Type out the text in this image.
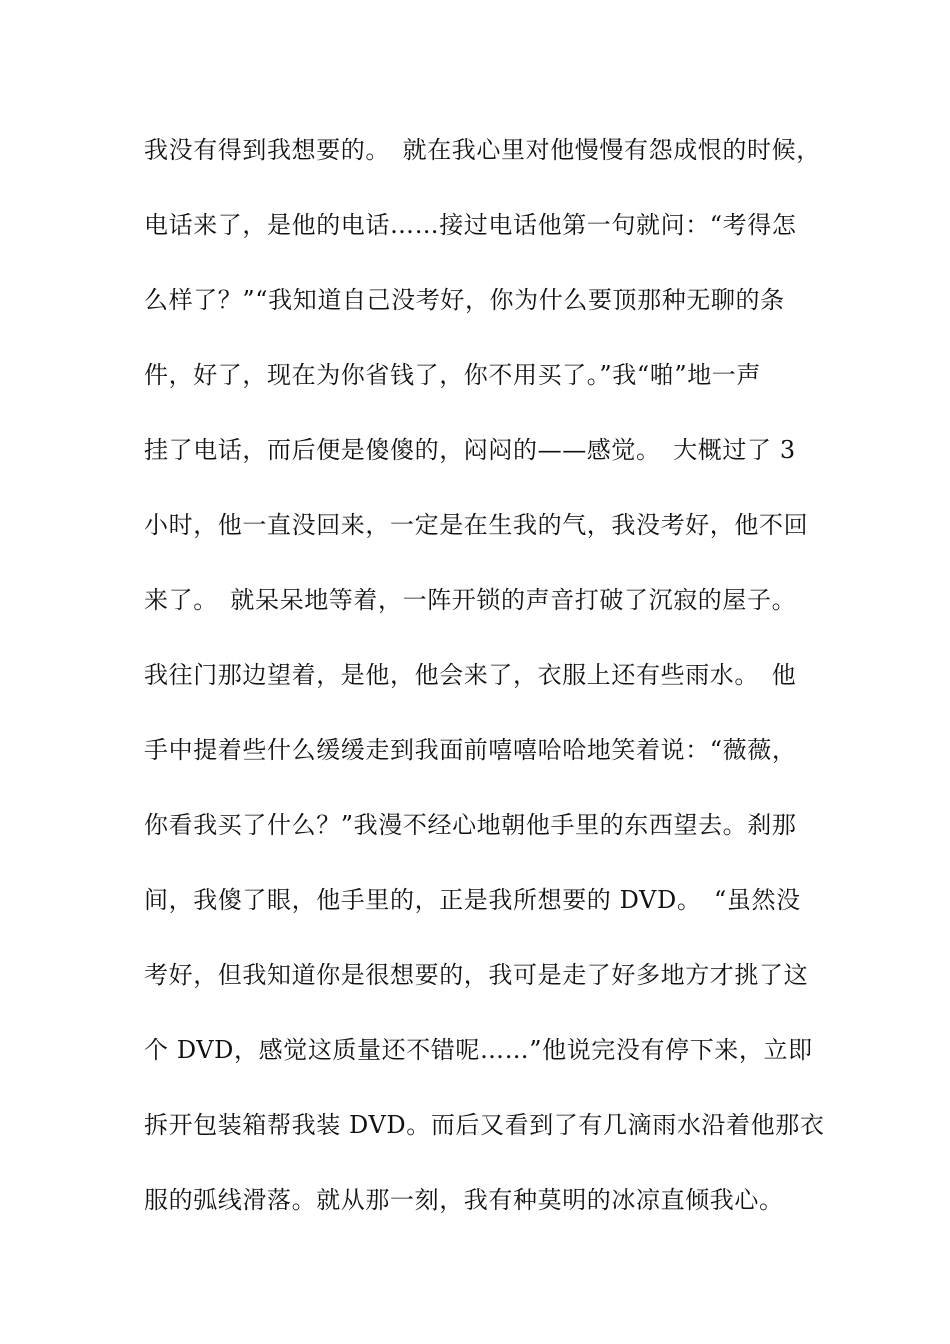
我没有得到我想要的。　就在我心里对他慢慢有怨成恨的时候，
电话来了，是他的电话……接过电话他第一句就问：“考得怎
么样了？”“我知道自己没考好，你为什么要顶那种无聊的条
件，好了，现在为你省钱了，你不用买了。”我“啪”地一声
挂了电话，而后便是傻傻的，闷闷的——感觉。　大概过了 3
小时，他一直没回来，一定是在生我的气，我没考好，他不回
来了。　就呆呆地等着，一阵开锁的声音打破了沉寂的屋子。
我往门那边望着，是他，他会来了，衣服上还有些雨水。　他
手中提着些什么缓缓走到我面前嘻嘻哈哈地笑着说：“薇薇，
你看我买了什么？”我漫不经心地朝他手里的东西望去。刹那
间，我傻了眼，他手里的，正是我所想要的 DVD。　“虽然没
考好，但我知道你是很想要的，我可是走了好多地方才挑了这
个 DVD，感觉这质量还不错呢……”他说完没有停下来，立即
拆开包装箱帮我装 DVD。而后又看到了有几滴雨水沿着他那衣
服的弧线滑落。就从那一刻，我有种莫明的冰凉直倾我心。
